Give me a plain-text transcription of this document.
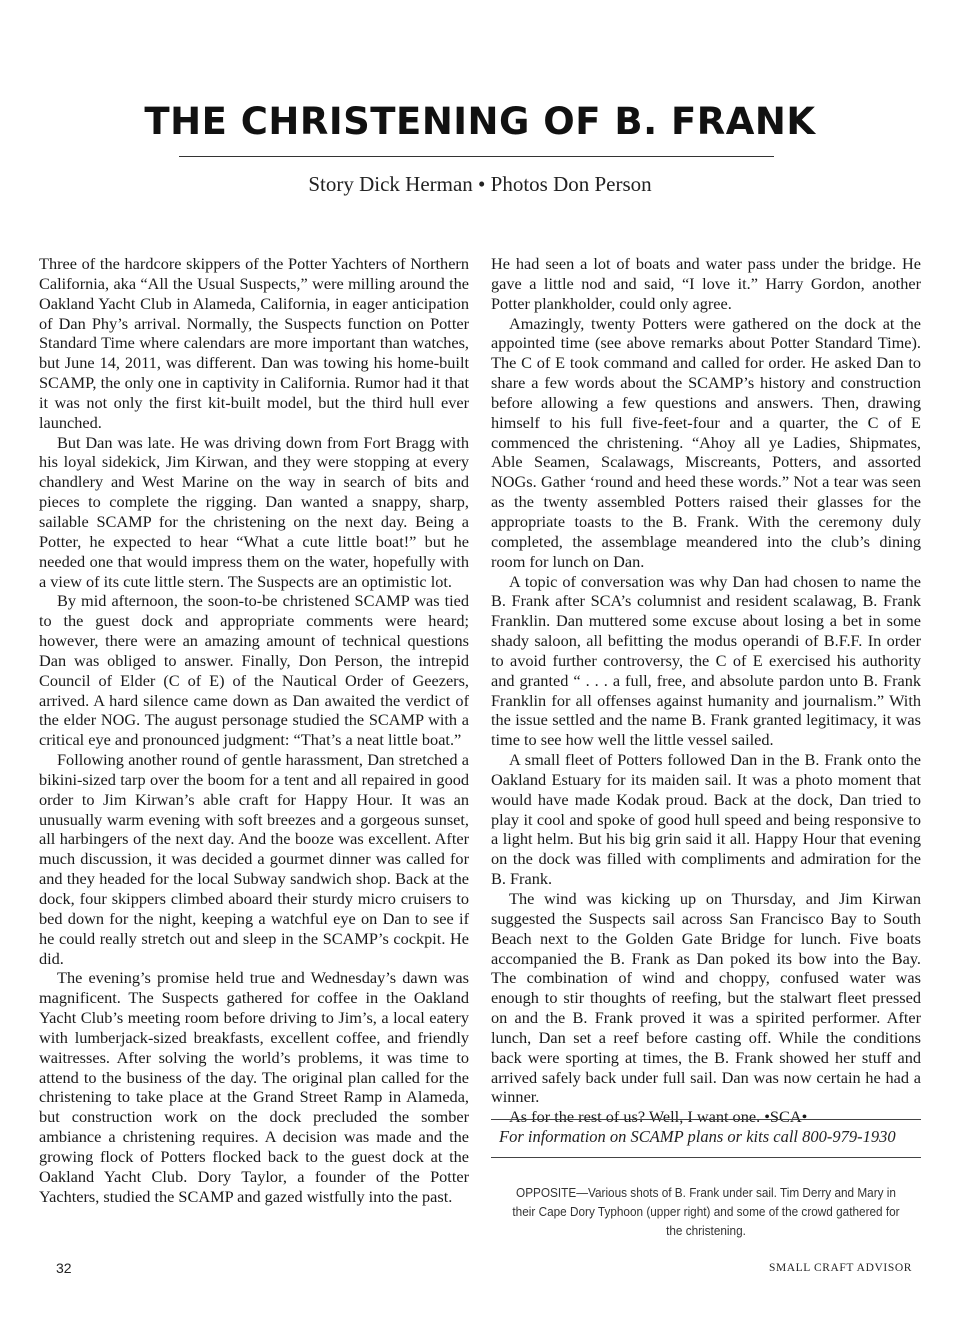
THE CHRISTENING OF B. FRANK
Story Dick Herman • Photos Don Person

Three of the hardcore skippers of the Potter Yachters of Northern California, aka “All the Usual Suspects,” were milling around the Oakland Yacht Club in Alameda, California, in eager anticipation of Dan Phy’s arrival. Normally, the Suspects function on Potter Standard Time where calendars are more important than watches, but June 14, 2011, was different. Dan was towing his home-built SCAMP, the only one in captivity in California. Rumor had it that it was not only the first kit-built model, but the third hull ever launched.

But Dan was late. He was driving down from Fort Bragg with his loyal sidekick, Jim Kirwan, and they were stopping at every chandlery and West Marine on the way in search of bits and pieces to complete the rigging. Dan wanted a snappy, sharp, sailable SCAMP for the christening on the next day. Being a Potter, he expected to hear “What a cute little boat!” but he needed one that would impress them on the water, hopefully with a view of its cute little stern. The Suspects are an optimistic lot.

By mid afternoon, the soon-to-be christened SCAMP was tied to the guest dock and appropriate comments were heard; however, there were an amazing amount of technical questions Dan was obliged to answer. Finally, Don Person, the intrepid Council of Elder (C of E) of the Nautical Order of Geezers, arrived. A hard silence came down as Dan awaited the verdict of the elder NOG. The august personage studied the SCAMP with a critical eye and pronounced judgment: “That’s a neat little boat.”

Following another round of gentle harassment, Dan stretched a bikini-sized tarp over the boom for a tent and all repaired in good order to Jim Kirwan’s able craft for Happy Hour. It was an unusually warm evening with soft breezes and a gorgeous sunset, all harbingers of the next day. And the booze was excellent. After much discussion, it was decided a gourmet dinner was called for and they headed for the local Subway sandwich shop. Back at the dock, four skippers climbed aboard their sturdy micro cruisers to bed down for the night, keeping a watchful eye on Dan to see if he could really stretch out and sleep in the SCAMP’s cockpit. He did.

The evening’s promise held true and Wednesday’s dawn was magnificent. The Suspects gathered for coffee in the Oakland Yacht Club’s meeting room before driving to Jim’s, a local eatery with lumberjack-sized breakfasts, excellent coffee, and friendly waitresses. After solving the world’s problems, it was time to attend to the business of the day. The original plan called for the christening to take place at the Grand Street Ramp in Alameda, but construction work on the dock precluded the somber ambiance a christening requires. A decision was made and the growing flock of Potters flocked back to the guest dock at the Oakland Yacht Club. Dory Taylor, a founder of the Potter Yachters, studied the SCAMP and gazed wistfully into the past.

He had seen a lot of boats and water pass under the bridge. He gave a little nod and said, “I love it.” Harry Gordon, another Potter plankholder, could only agree.

Amazingly, twenty Potters were gathered on the dock at the appointed time (see above remarks about Potter Standard Time). The C of E took command and called for order. He asked Dan to share a few words about the SCAMP’s history and construction before allowing a few questions and answers. Then, drawing himself to his full five-feet-four and a quarter, the C of E commenced the christening. “Ahoy all ye Ladies, Shipmates, Able Seamen, Scalawags, Miscreants, Potters, and assorted NOGs. Gather ‘round and heed these words.” Not a tear was seen as the twenty assembled Potters raised their glasses for the appropriate toasts to the B. Frank. With the ceremony duly completed, the assemblage meandered into the club’s dining room for lunch on Dan.

A topic of conversation was why Dan had chosen to name the B. Frank after SCA’s columnist and resident scalawag, B. Frank Franklin. Dan muttered some excuse about losing a bet in some shady saloon, all befitting the modus operandi of B.F.F. In order to avoid further controversy, the C of E exercised his authority and granted “ . . . a full, free, and absolute pardon unto B. Frank Franklin for all offenses against humanity and journalism.” With the issue settled and the name B. Frank granted legitimacy, it was time to see how well the little vessel sailed.

A small fleet of Potters followed Dan in the B. Frank onto the Oakland Estuary for its maiden sail. It was a photo moment that would have made Kodak proud. Back at the dock, Dan tried to play it cool and spoke of good hull speed and being responsive to a light helm. But his big grin said it all. Happy Hour that evening on the dock was filled with compliments and admiration for the B. Frank.

The wind was kicking up on Thursday, and Jim Kirwan suggested the Suspects sail across San Francisco Bay to South Beach next to the Golden Gate Bridge for lunch. Five boats accompanied the B. Frank as Dan poked its bow into the Bay. The combination of wind and choppy, confused water was enough to stir thoughts of reefing, but the stalwart fleet pressed on and the B. Frank proved it was a spirited performer. After lunch, Dan set a reef before casting off. While the conditions back were sporting at times, the B. Frank showed her stuff and arrived safely back under full sail. Dan was now certain he had a winner.

As for the rest of us? Well, I want one. •SCA•

For information on SCAMP plans or kits call 800-979-1930
OPPOSITE—Various shots of B. Frank under sail. Tim Derry and Mary in their Cape Dory Typhoon (upper right) and some of the crowd gathered for the christening.
32	SMALL CRAFT ADVISOR
